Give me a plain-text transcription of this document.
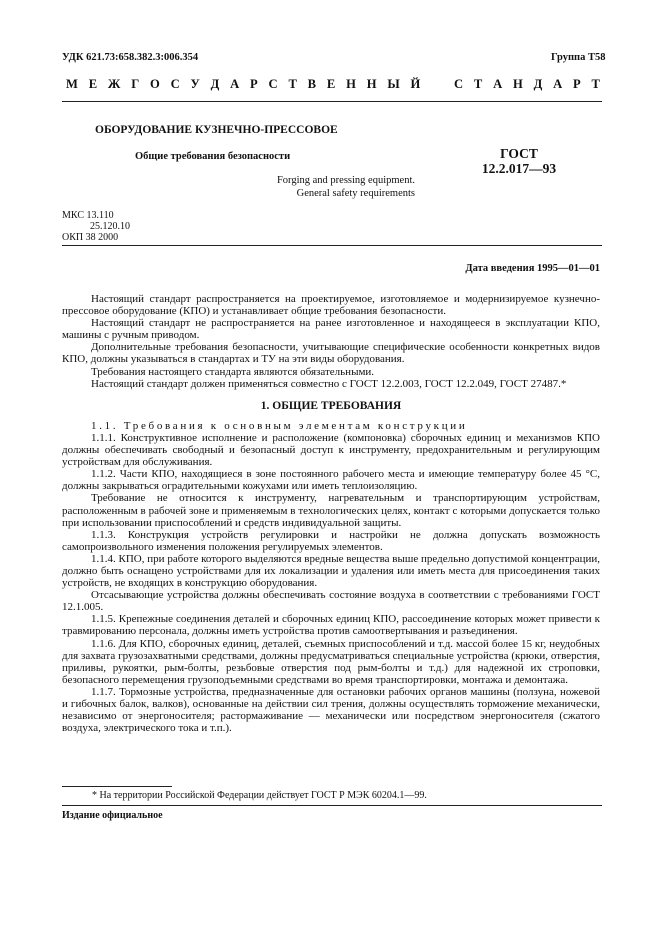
УДК 621.73:658.382.3:006.354	Группа Т58
М Е Ж Г О С У Д А Р С Т В Е Н Н Ы Й	С Т А Н Д А Р Т
ОБОРУДОВАНИЕ КУЗНЕЧНО-ПРЕССОВОЕ
Общие требования безопасности
Forging and pressing equipment.
General safety requirements
ГОСТ
12.2.017—93
МКС 13.110
25.120.10
ОКП 38 2000
Дата введения 1995—01—01

Настоящий стандарт распространяется на проектируемое, изготовляемое и модернизируемое кузнечно-прессовое оборудование (КПО) и устанавливает общие требования безопасности.

Настоящий стандарт не распространяется на ранее изготовленное и находящееся в эксплуатации КПО, машины с ручным приводом.

Дополнительные требования безопасности, учитывающие специфические особенности конкретных видов КПО, должны указываться в стандартах и ТУ на эти виды оборудования.

Требования настоящего стандарта являются обязательными.

Настоящий стандарт должен применяться совместно с ГОСТ 12.2.003, ГОСТ 12.2.049, ГОСТ 27487.*

1. ОБЩИЕ ТРЕБОВАНИЯ

1.1. Требования к основным элементам конструкции

1.1.1. Конструктивное исполнение и расположение (компоновка) сборочных единиц и механизмов КПО должны обеспечивать свободный и безопасный доступ к инструменту, предохранительным и регулирующим устройствам для обслуживания.

1.1.2. Части КПО, находящиеся в зоне постоянного рабочего места и имеющие температуру более 45 °С, должны закрываться оградительными кожухами или иметь теплоизоляцию.

Требование не относится к инструменту, нагревательным и транспортирующим устройствам, расположенным в рабочей зоне и применяемым в технологических целях, контакт с которыми допускается только при использовании приспособлений и средств индивидуальной защиты.

1.1.3. Конструкция устройств регулировки и настройки не должна допускать возможность самопроизвольного изменения положения регулируемых элементов.

1.1.4. КПО, при работе которого выделяются вредные вещества выше предельно допустимой концентрации, должно быть оснащено устройствами для их локализации и удаления или иметь места для присоединения таких устройств, не входящих в конструкцию оборудования.

Отсасывающие устройства должны обеспечивать состояние воздуха в соответствии с требованиями ГОСТ 12.1.005.

1.1.5. Крепежные соединения деталей и сборочных единиц КПО, рассоединение которых может привести к травмированию персонала, должны иметь устройства против самоотвертывания и разъединения.

1.1.6. Для КПО, сборочных единиц, деталей, съемных приспособлений и т.д. массой более 15 кг, неудобных для захвата грузозахватными средствами, должны предусматриваться специальные устройства (крюки, отверстия, приливы, рукоятки, рым-болты, резьбовые отверстия под рым-болты и т.д.) для надежной их строповки, безопасного перемещения грузоподъемными средствами во время транспортировки, монтажа и демонтажа.

1.1.7. Тормозные устройства, предназначенные для остановки рабочих органов машины (ползуна, ножевой и гибочных балок, валков), основанные на действии сил трения, должны осуществлять торможение механически, независимо от энергоносителя; растормаживание — механически или посредством энергоносителя (сжатого воздуха, электрического тока и т.п.).

* На территории Российской Федерации действует ГОСТ Р МЭК 60204.1—99.
Издание официальное
